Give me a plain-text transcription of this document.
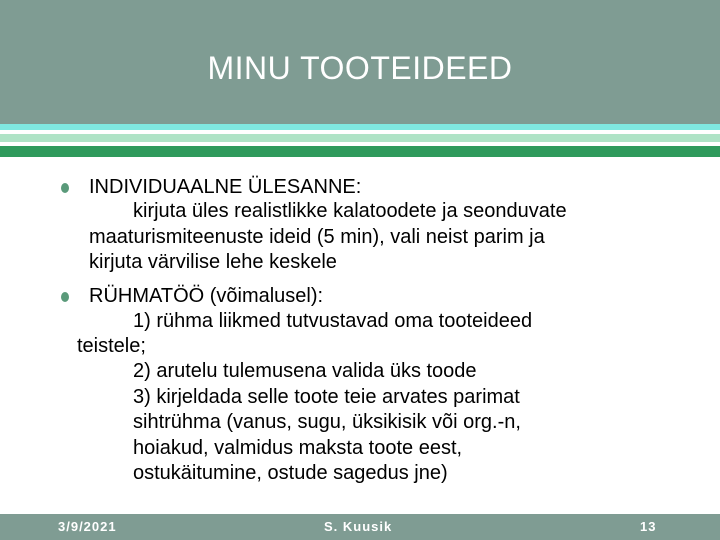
MINU TOOTEIDEED
INDIVIDUAALNE ÜLESANNE:
kirjuta üles realistlikke kalatoodete ja seonduvate
maaturismiteenuste ideid (5 min), vali neist parim ja
kirjuta värvilise lehe keskele
RÜHMATÖÖ (võimalusel):
1) rühma liikmed tutvustavad oma tooteideed
teistele;
2) arutelu tulemusena valida üks toode
3) kirjeldada selle toote teie arvates parimat
sihtrühma (vanus, sugu, üksikisik või org.-n,
hoiakud, valmidus maksta toote eest,
ostukäitumine, ostude sagedus jne)
3/9/2021	S. Kuusik	13
